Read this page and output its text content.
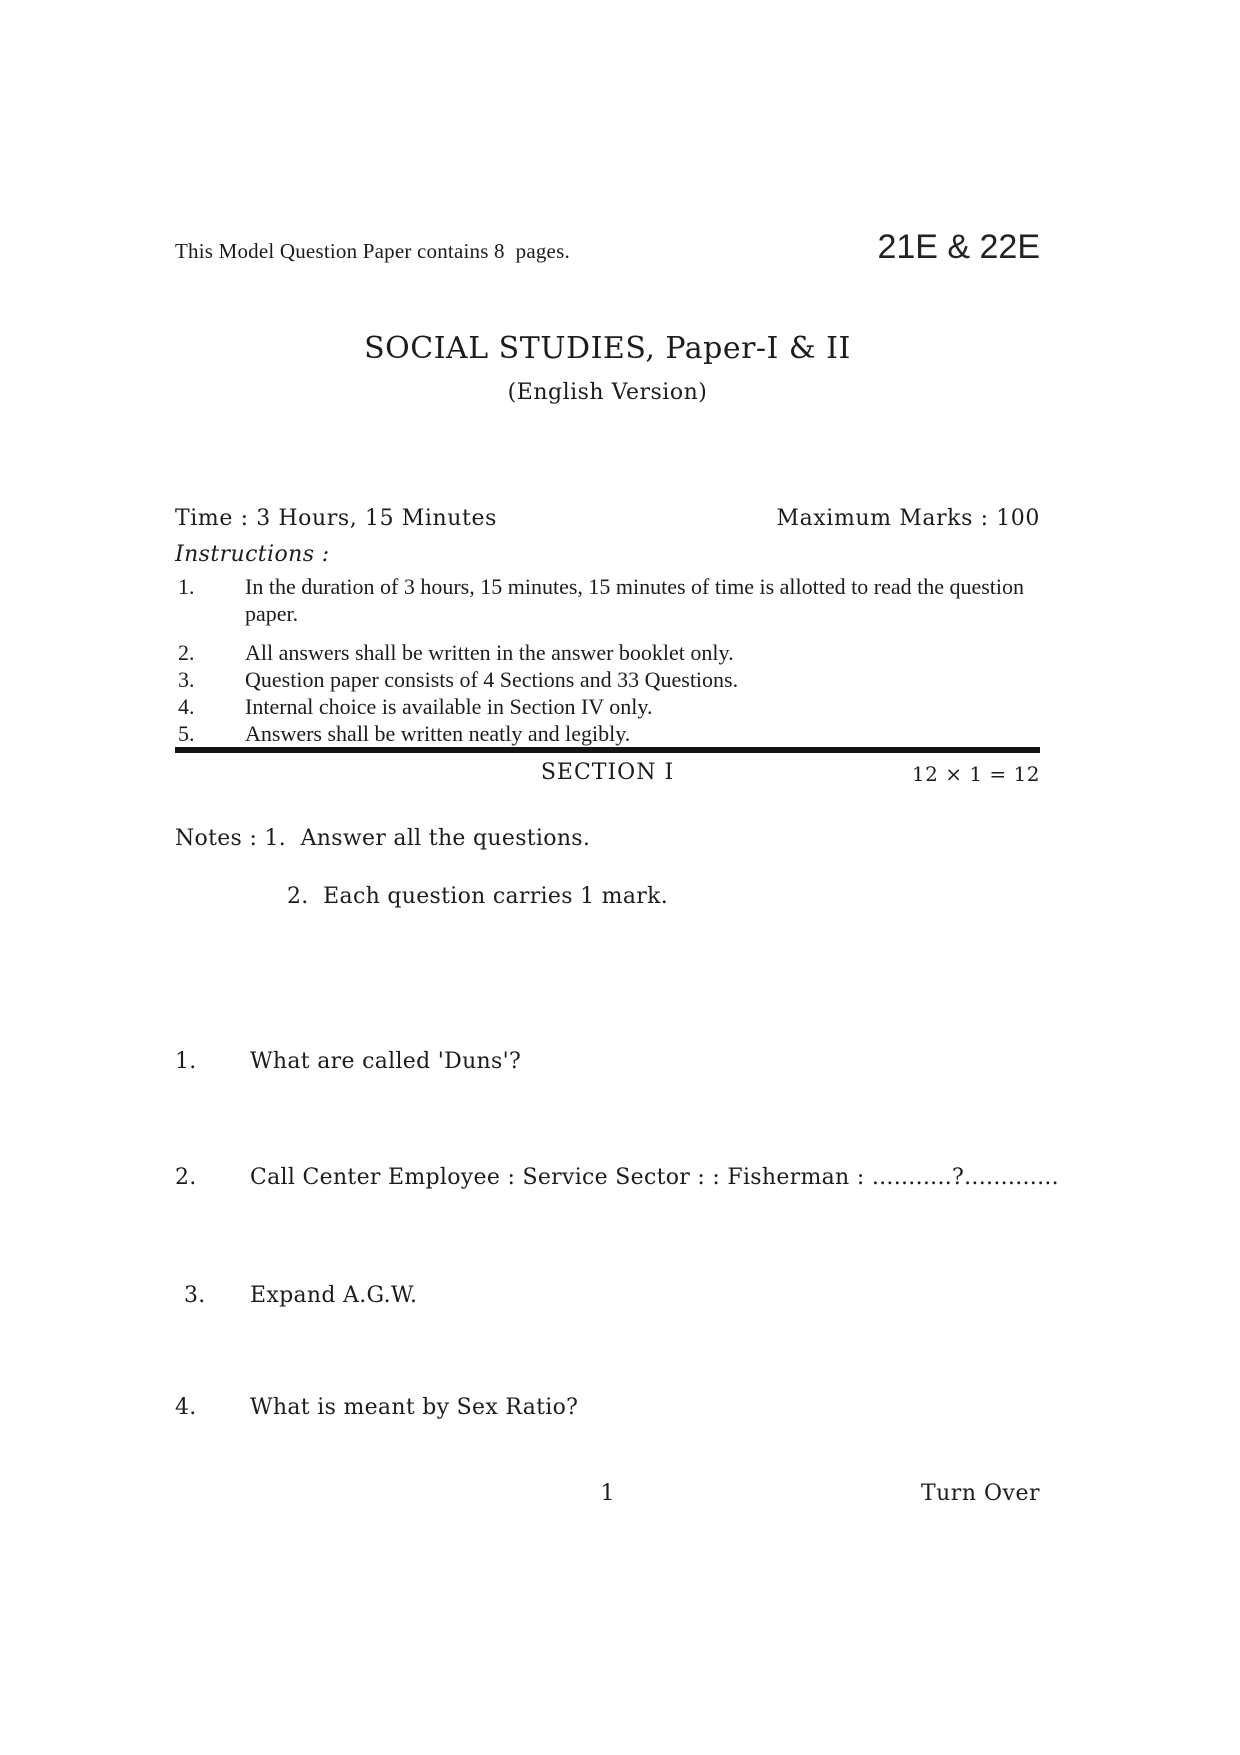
This Model Question Paper contains 8  pages.	21E & 22E
SOCIAL STUDIES, Paper-I & II
(English Version)
Time : 3 Hours, 15 Minutes	Maximum Marks : 100
Instructions :
1.	In the duration of 3 hours, 15 minutes, 15 minutes of time is allotted to read the question paper.
2.	All answers shall be written in the answer booklet only.
3.	Question paper consists of 4 Sections and 33 Questions.
4.	Internal choice is available in Section IV only.
5.	Answers shall be written neatly and legibly.
SECTION I	12 × 1 = 12
Notes : 1.  Answer all the questions.
2.  Each question carries 1 mark.
1.	What are called 'Duns'?
2.	Call Center Employee : Service Sector : : Fisherman : ...........?.............
3.	Expand A.G.W.
4.	What is meant by Sex Ratio?
1	Turn Over
